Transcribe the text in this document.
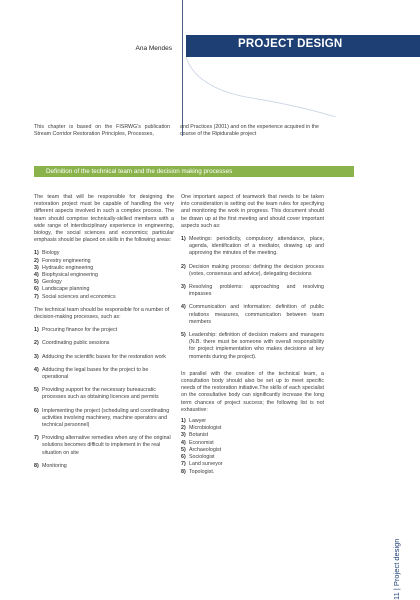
Ana Mendes	PROJECT DESIGN
This chapter is based on the FISRWG's publication Stream Corridor Restoration Principles, Processes,
and Practices (2001) and on the experience acquired in the course of the Ripidurable project
Definition of the technical team and the decision making processes

The team that will be responsible for designing the restoration project must be capable of handling the very different aspects involved in such a complex process. The team should comprise technically-skilled members with a wide range of interdisciplinary experience in engineering, biology, the social sciences and economics; particular emphasis should be placed on skills in the following areas:

1) Biology
2) Forestry engineering
3) Hydraulic engineering
4) Biophysical engineering
5) Geology
6) Landscape planning
7) Social sciences and economics

The technical team should be responsible for a number of decision-making processes, such as:

1) Procuring finance for the project
2) Coordinating public sessions
3) Adducing the scientific bases for the restoration work
4) Adducing the legal bases for the project to be operational
5) Providing support for the necessary bureaucratic processes such as obtaining licences and permits
6) Implementing the project (scheduling and coordinating activities involving machinery, machine operators and technical personnel)
7) Providing alternative remedies when any of the original solutions becomes difficult to implement in the real situation on site
8) Monitoring

One important aspect of teamwork that needs to be taken into consideration is setting out the team rules for specifying and monitoring the work in progress. This document should be drawn up at the first meeting and should cover important aspects such as:

1) Meetings: periodicity, compulsory attendance, place, agenda, identification of a mediator, drawing up and approving the minutes of the meeting.
2) Decision making process: defining the decision process (votes, consensus and advice), delegating decisions
3) Resolving problems: approaching and resolving impasses
4) Communication and information: definition of public relations measures, communication between team members
5) Leadership: definition of decision makers and managers (N.B. there must be someone with overall responsibility for project implementation who makes decisions at key moments during the project).

In parallel with the creation of the technical team, a consultation body should also be set up to meet specific needs of the restoration initiative.The skills of each specialist on the consultative body can significantly increase the long term chances of project success; the following list is not exhaustive:

1) Lawyer
2) Microbiologist
3) Botanist
4) Economist
5) Archaeologist
6) Sociologist
7) Land surveyor
8) Topologist.
11 | Project design
